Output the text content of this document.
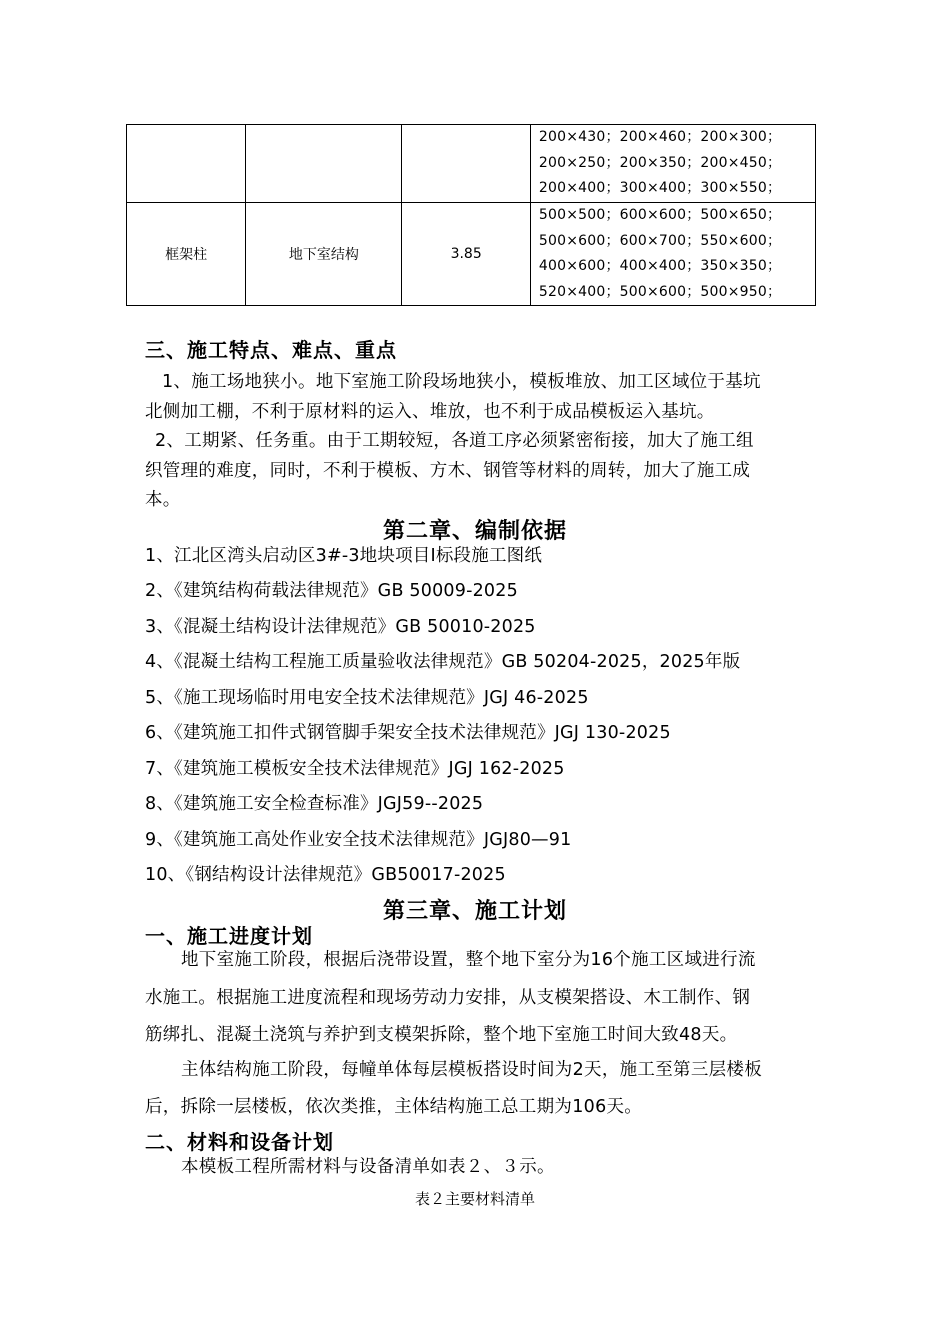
			200×430；200×460；200×300；
200×250；200×350；200×450；
200×400；300×400；300×550；

框架柱	地下室结构	3.85	500×500；600×600；500×650；
500×600；600×700；550×600；
400×600；400×400；350×350；
520×400；500×600；500×950；
三、施工特点、难点、重点
1、施工场地狭小。地下室施工阶段场地狭小，模板堆放、加工区域位于基坑
北侧加工棚，不利于原材料的运入、堆放，也不利于成品模板运入基坑。
2、工期紧、任务重。由于工期较短，各道工序必须紧密衔接，加大了施工组
织管理的难度，同时，不利于模板、方木、钢管等材料的周转，加大了施工成
本。
第二章、编制依据
1、江北区湾头启动区3#-3地块项目I标段施工图纸
2、《建筑结构荷载法律规范》GB 50009-2025
3、《混凝土结构设计法律规范》GB 50010-2025
4、《混凝土结构工程施工质量验收法律规范》GB 50204-2025，2025年版
5、《施工现场临时用电安全技术法律规范》JGJ 46-2025
6、《建筑施工扣件式钢管脚手架安全技术法律规范》JGJ 130-2025
7、《建筑施工模板安全技术法律规范》JGJ 162-2025
8、《建筑施工安全检查标准》JGJ59--2025
9、《建筑施工高处作业安全技术法律规范》JGJ80—91
10、《钢结构设计法律规范》GB50017-2025
第三章、施工计划
一、施工进度计划
地下室施工阶段，根据后浇带设置，整个地下室分为16个施工区域进行流
水施工。根据施工进度流程和现场劳动力安排，从支模架搭设、木工制作、钢
筋绑扎、混凝土浇筑与养护到支模架拆除，整个地下室施工时间大致48天。
主体结构施工阶段，每幢单体每层模板搭设时间为2天，施工至第三层楼板
后，拆除一层楼板，依次类推，主体结构施工总工期为106天。
二、材料和设备计划
本模板工程所需材料与设备清单如表２、３示。
表２主要材料清单
